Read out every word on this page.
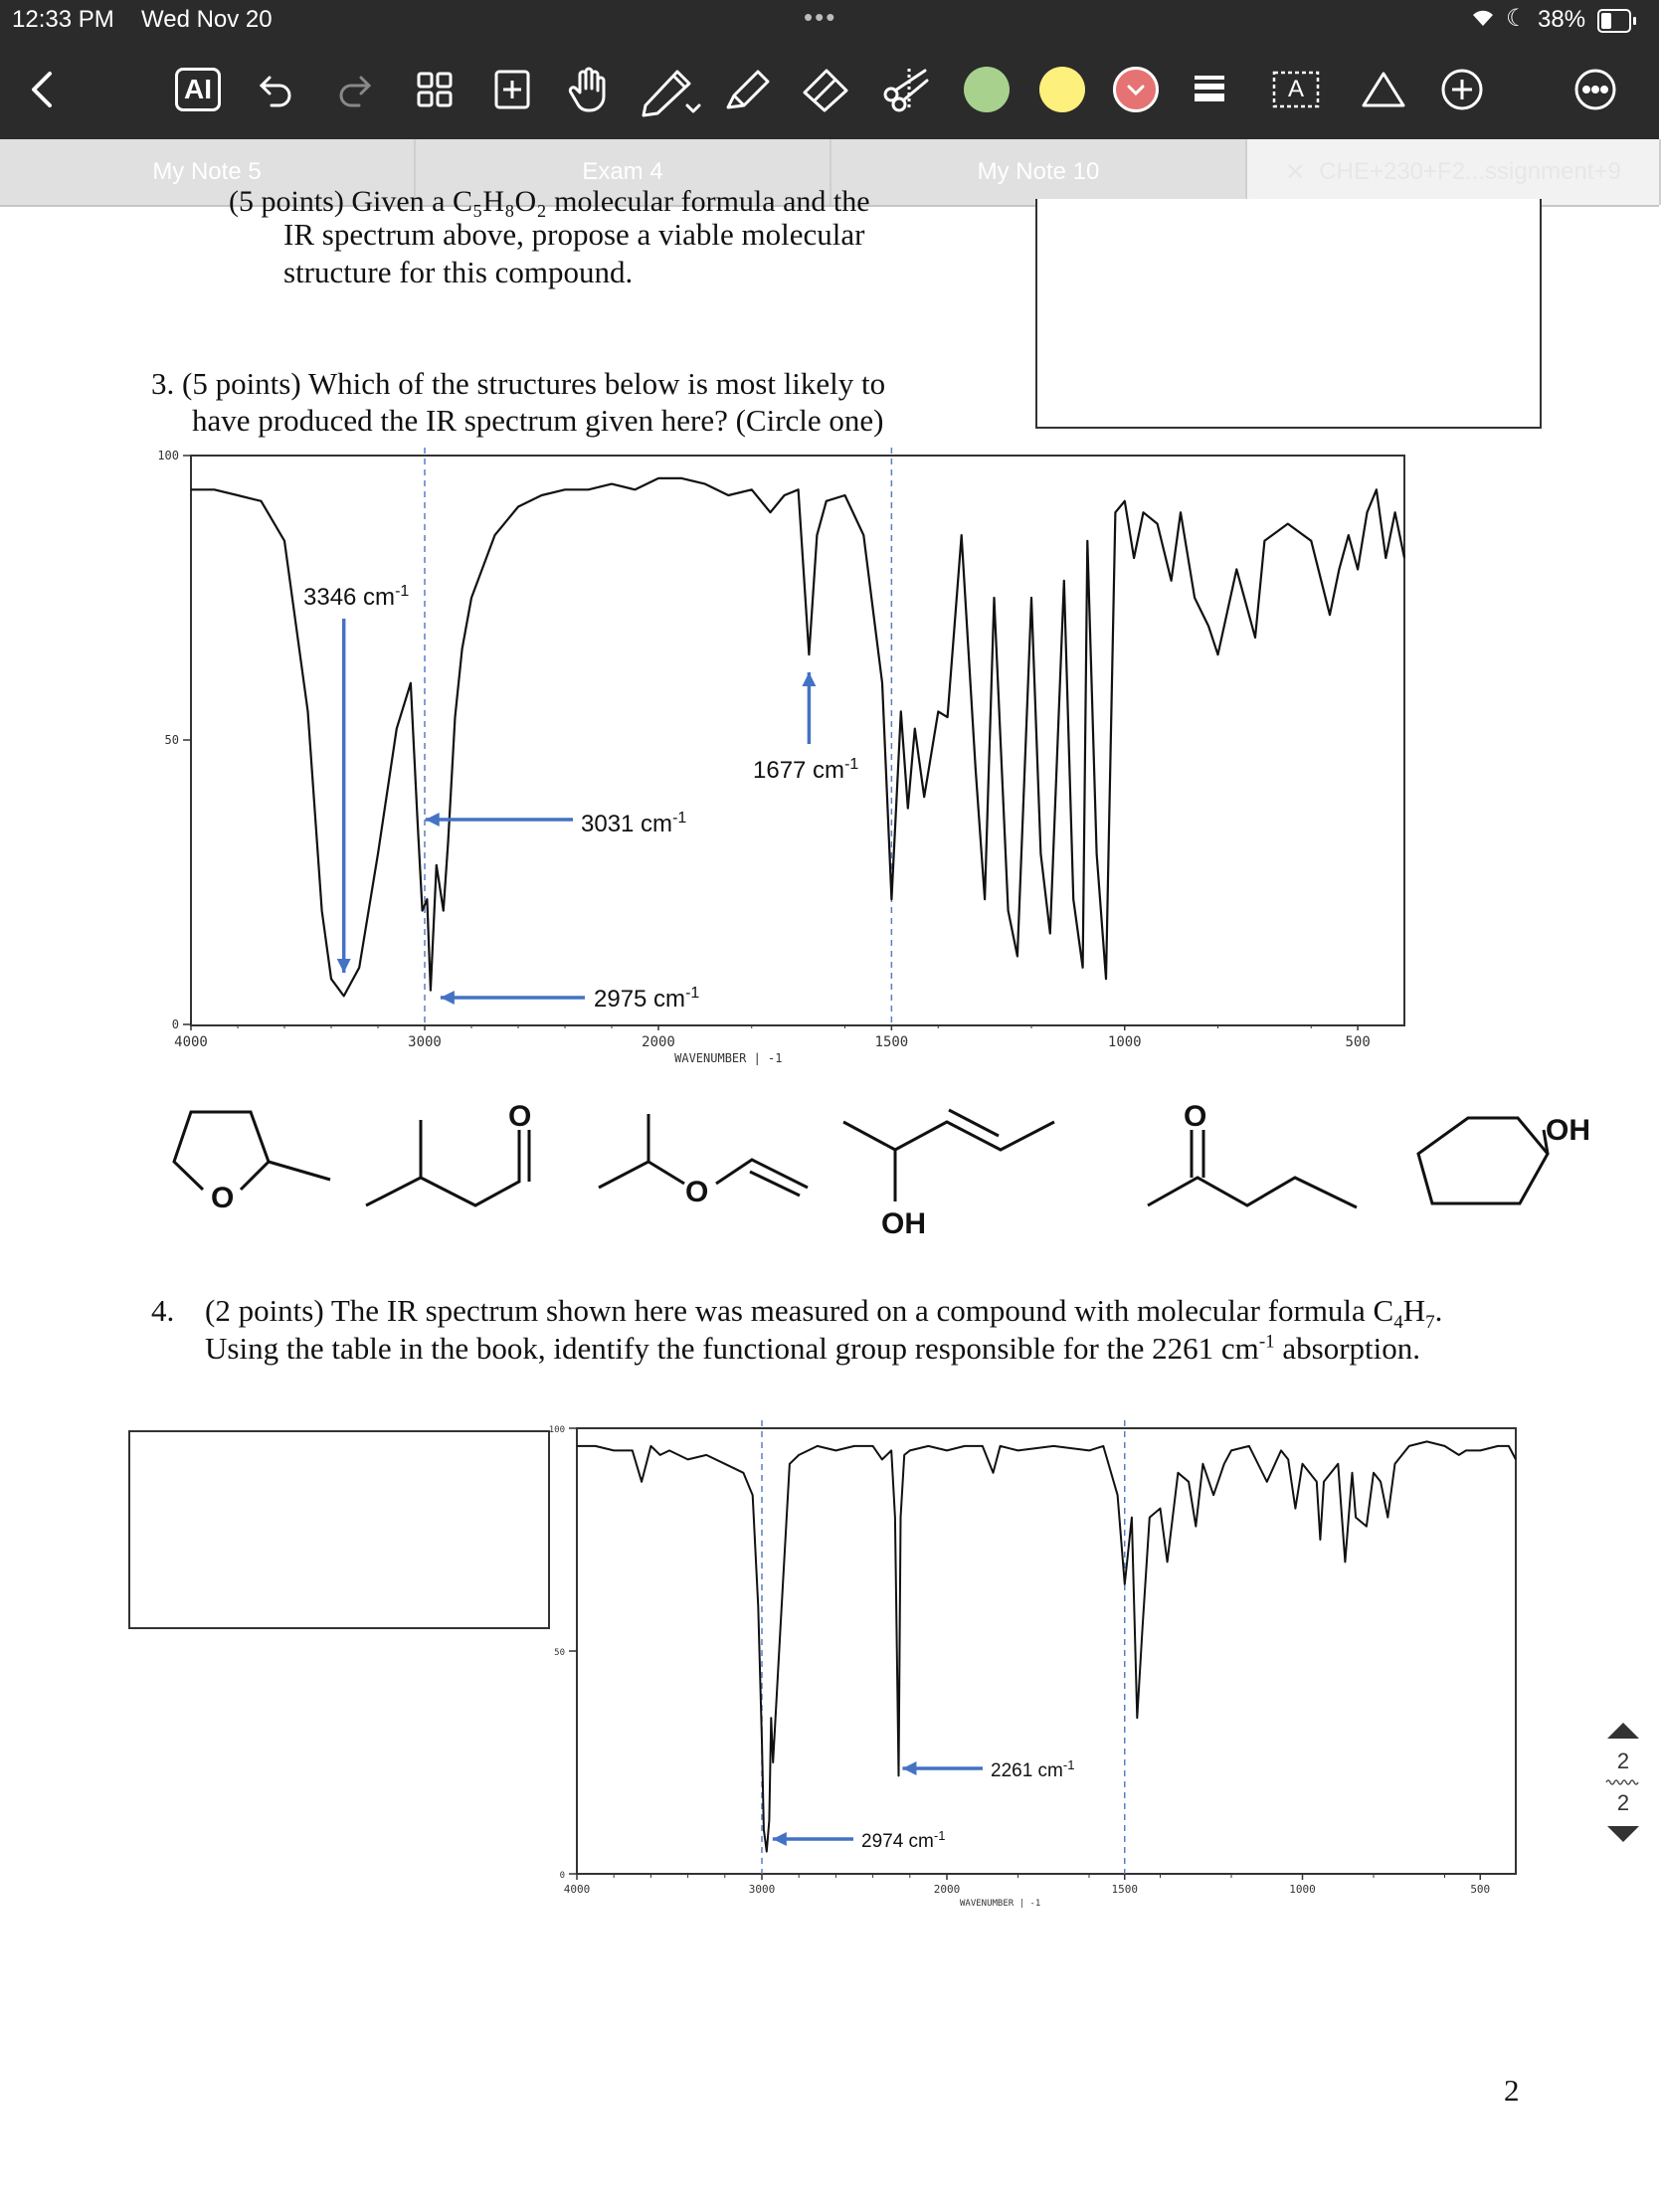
12:33 PM Wed Nov 20	•••	☾ 38%
AI	A
My Note 5	Exam 4	My Note 10	✕ CHE+230+F2...ssignment+9
(5 points) Given a C₅H₈O₂ molecular formula and the
IR spectrum above, propose a viable molecular
structure for this compound.
3. (5 points) Which of the structures below is most likely to
have produced the IR spectrum given here? (Circle one)
4000	3000	2000	1500	1000	500
100
50
0
WAVENUMBER | -1
3346 $cm^{-1}$
3031 $cm^{-1}$
2975 $cm^{-1}$
1677 $cm^{-1}$
O
O
O
OH
O	OH
4. (2 points) The IR spectrum shown here was measured on a compound with molecular formula $C_4H_7$.
Using the table in the book, identify the functional group responsible for the 2261 $cm^{-1}$ absorption.
4000	3000	2000	1500	1000	500
100
50
0
WAVENUMBER | -1
2261 $cm^{-1}$
2974 $cm^{-1}$
2
2
2
